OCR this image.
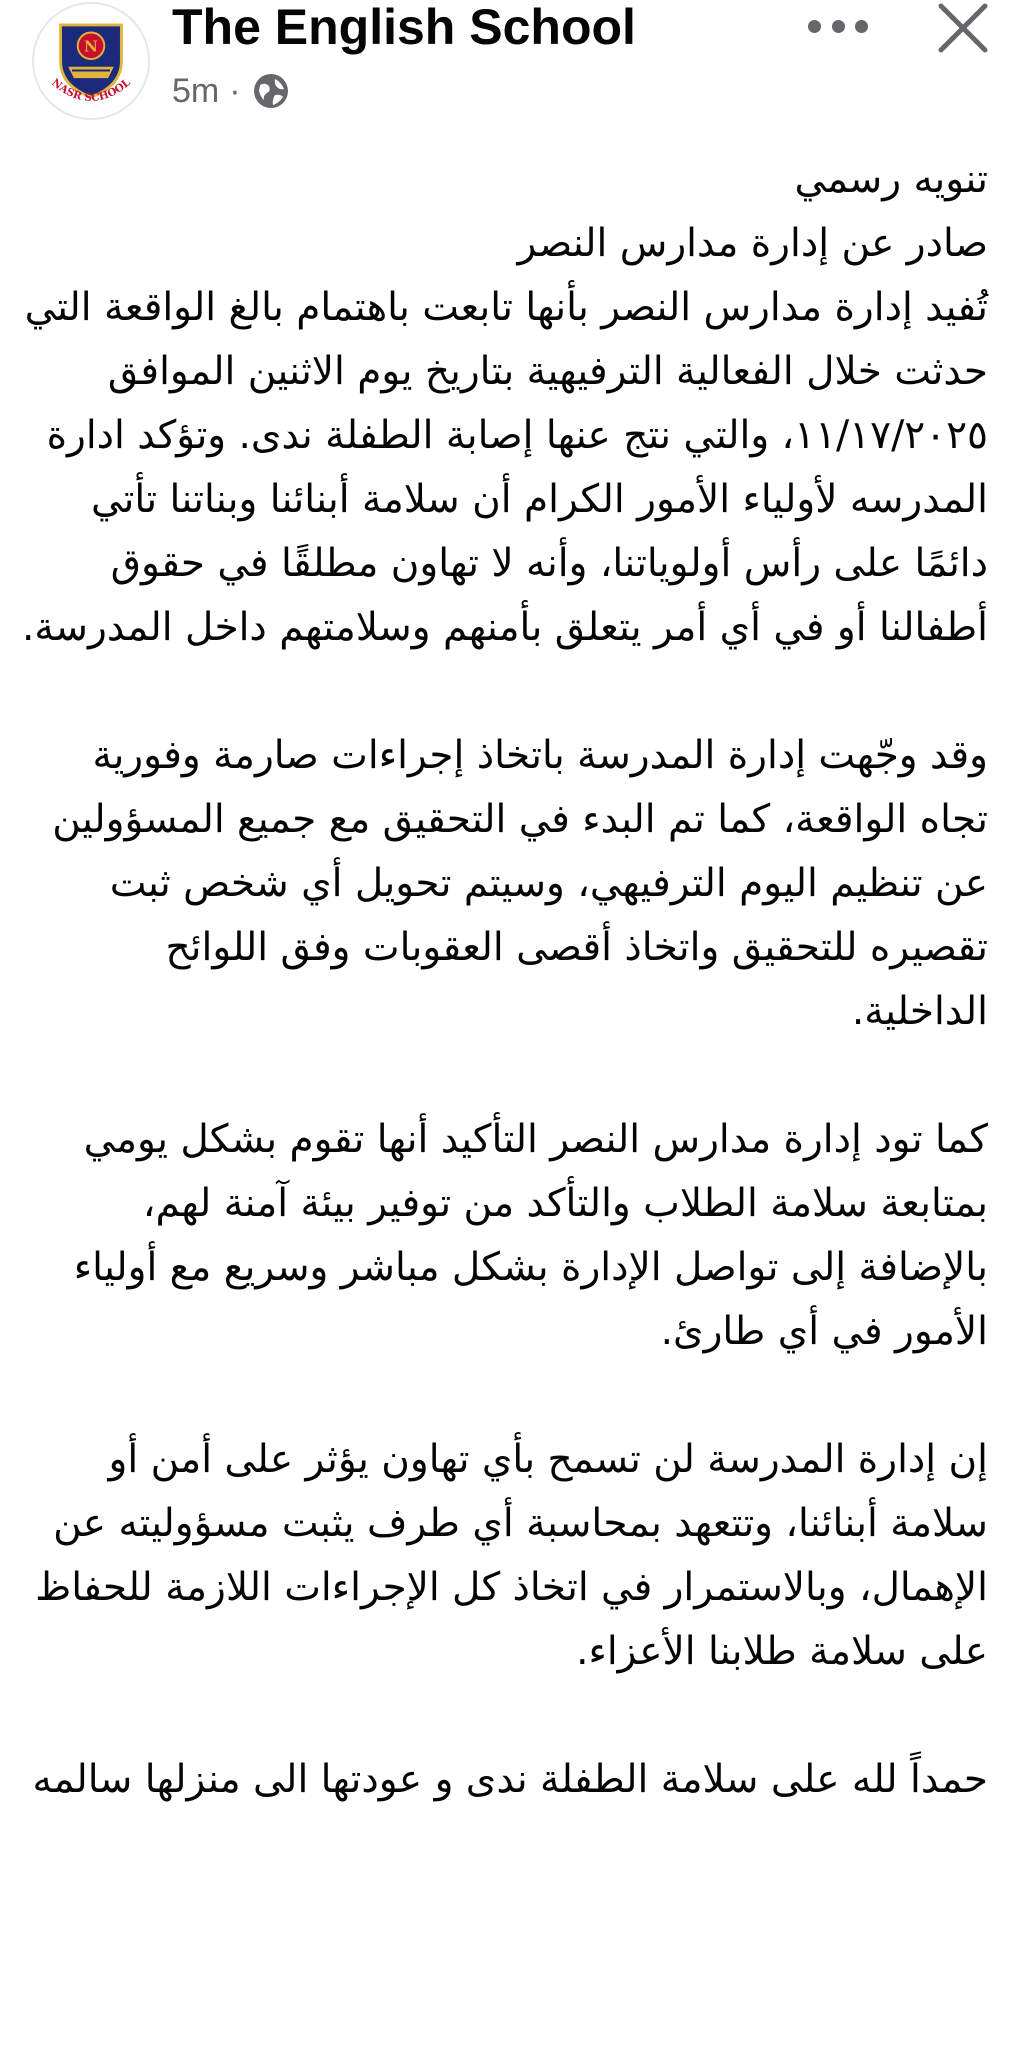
N
NASR SCHOOL
The English School
5m ·

تنويه رسمي

صادر عن إدارة مدارس النصر

تُفيد إدارة مدارس النصر بأنها تابعت باهتمام بالغ الواقعة التي حدثت خلال الفعالية الترفيهية بتاريخ يوم الاثنين الموافق ١١/١٧/٢٠٢٥، والتي نتج عنها إصابة الطفلة ندى. وتؤكد ادارة المدرسه لأولياء الأمور الكرام أن سلامة أبنائنا وبناتنا تأتي دائمًا على رأس أولوياتنا، وأنه لا تهاون مطلقًا في حقوق أطفالنا أو في أي أمر يتعلق بأمنهم وسلامتهم داخل المدرسة.

وقد وجّهت إدارة المدرسة باتخاذ إجراءات صارمة وفورية تجاه الواقعة، كما تم البدء في التحقيق مع جميع المسؤولين عن تنظيم اليوم الترفيهي، وسيتم تحويل أي شخص ثبت تقصيره للتحقيق واتخاذ أقصى العقوبات وفق اللوائح الداخلية.

كما تود إدارة مدارس النصر التأكيد أنها تقوم بشكل يومي بمتابعة سلامة الطلاب والتأكد من توفير بيئة آمنة لهم، بالإضافة إلى تواصل الإدارة بشكل مباشر وسريع مع أولياء الأمور في أي طارئ.

إن إدارة المدرسة لن تسمح بأي تهاون يؤثر على أمن أو سلامة أبنائنا، وتتعهد بمحاسبة أي طرف يثبت مسؤوليته عن الإهمال، وبالاستمرار في اتخاذ كل الإجراءات اللازمة للحفاظ على سلامة طلابنا الأعزاء.

حمداً لله على سلامة الطفلة ندى و عودتها الى منزلها سالمه
